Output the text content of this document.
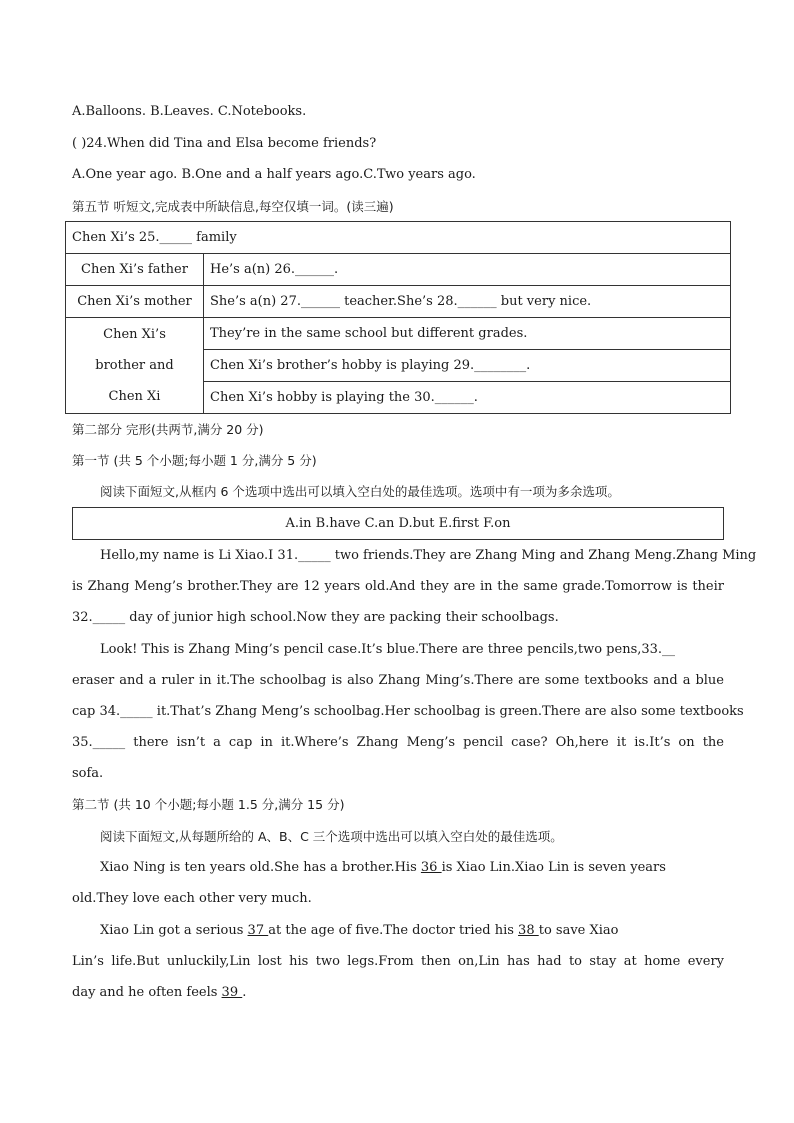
A.Balloons. B.Leaves. C.Notebooks.
( )24.When did Tina and Elsa become friends?
A.One year ago. B.One and a half years ago.C.Two years ago.
第五节 听短文,完成表中所缺信息,每空仅填一词。(读三遍)
Chen Xi’s 25._____ family	
Chen Xi’s father	He’s a(n) 26.______.
Chen Xi’s mother	She’s a(n) 27.______ teacher.She’s 28.______ but very nice.

Chen Xi’s
brother and
Chen Xi	They’re in the same school but different grades.
	Chen Xi’s brother’s hobby is playing 29.________.
	Chen Xi’s hobby is playing the 30.______.
第二部分 完形(共两节,满分 20 分)
第一节 (共 5 个小题;每小题 1 分,满分 5 分)
阅读下面短文,从框内 6 个选项中选出可以填入空白处的最佳选项。选项中有一项为多余选项。
A.in B.have C.an D.but E.first F.on
Hello,my name is Li Xiao.I 31._____ two friends.They are Zhang Ming and Zhang Meng.Zhang Ming
is Zhang Meng’s brother.They are 12 years old.And they are in the same grade.Tomorrow is their
32._____ day of junior high school.Now they are packing their schoolbags.
Look! This is Zhang Ming’s pencil case.It’s blue.There are three pencils,two pens,33.__
eraser and a ruler in it.The schoolbag is also Zhang Ming’s.There are some textbooks and a blue
cap 34._____ it.That’s Zhang Meng’s schoolbag.Her schoolbag is green.There are also some textbooks
35._____ there isn’t a cap in it.Where’s Zhang Meng’s pencil case? Oh,here it is.It’s on the
sofa.
第二节 (共 10 个小题;每小题 1.5 分,满分 15 分)
阅读下面短文,从每题所给的 A、B、C 三个选项中选出可以填入空白处的最佳选项。
Xiao Ning is ten years old.She has a brother.His 36 is Xiao Lin.Xiao Lin is seven years
old.They love each other very much.
Xiao Lin got a serious 37 at the age of five.The doctor tried his 38 to save Xiao
Lin’s life.But unluckily,Lin lost his two legs.From then on,Lin has had to stay at home every
day and he often feels 39 .
